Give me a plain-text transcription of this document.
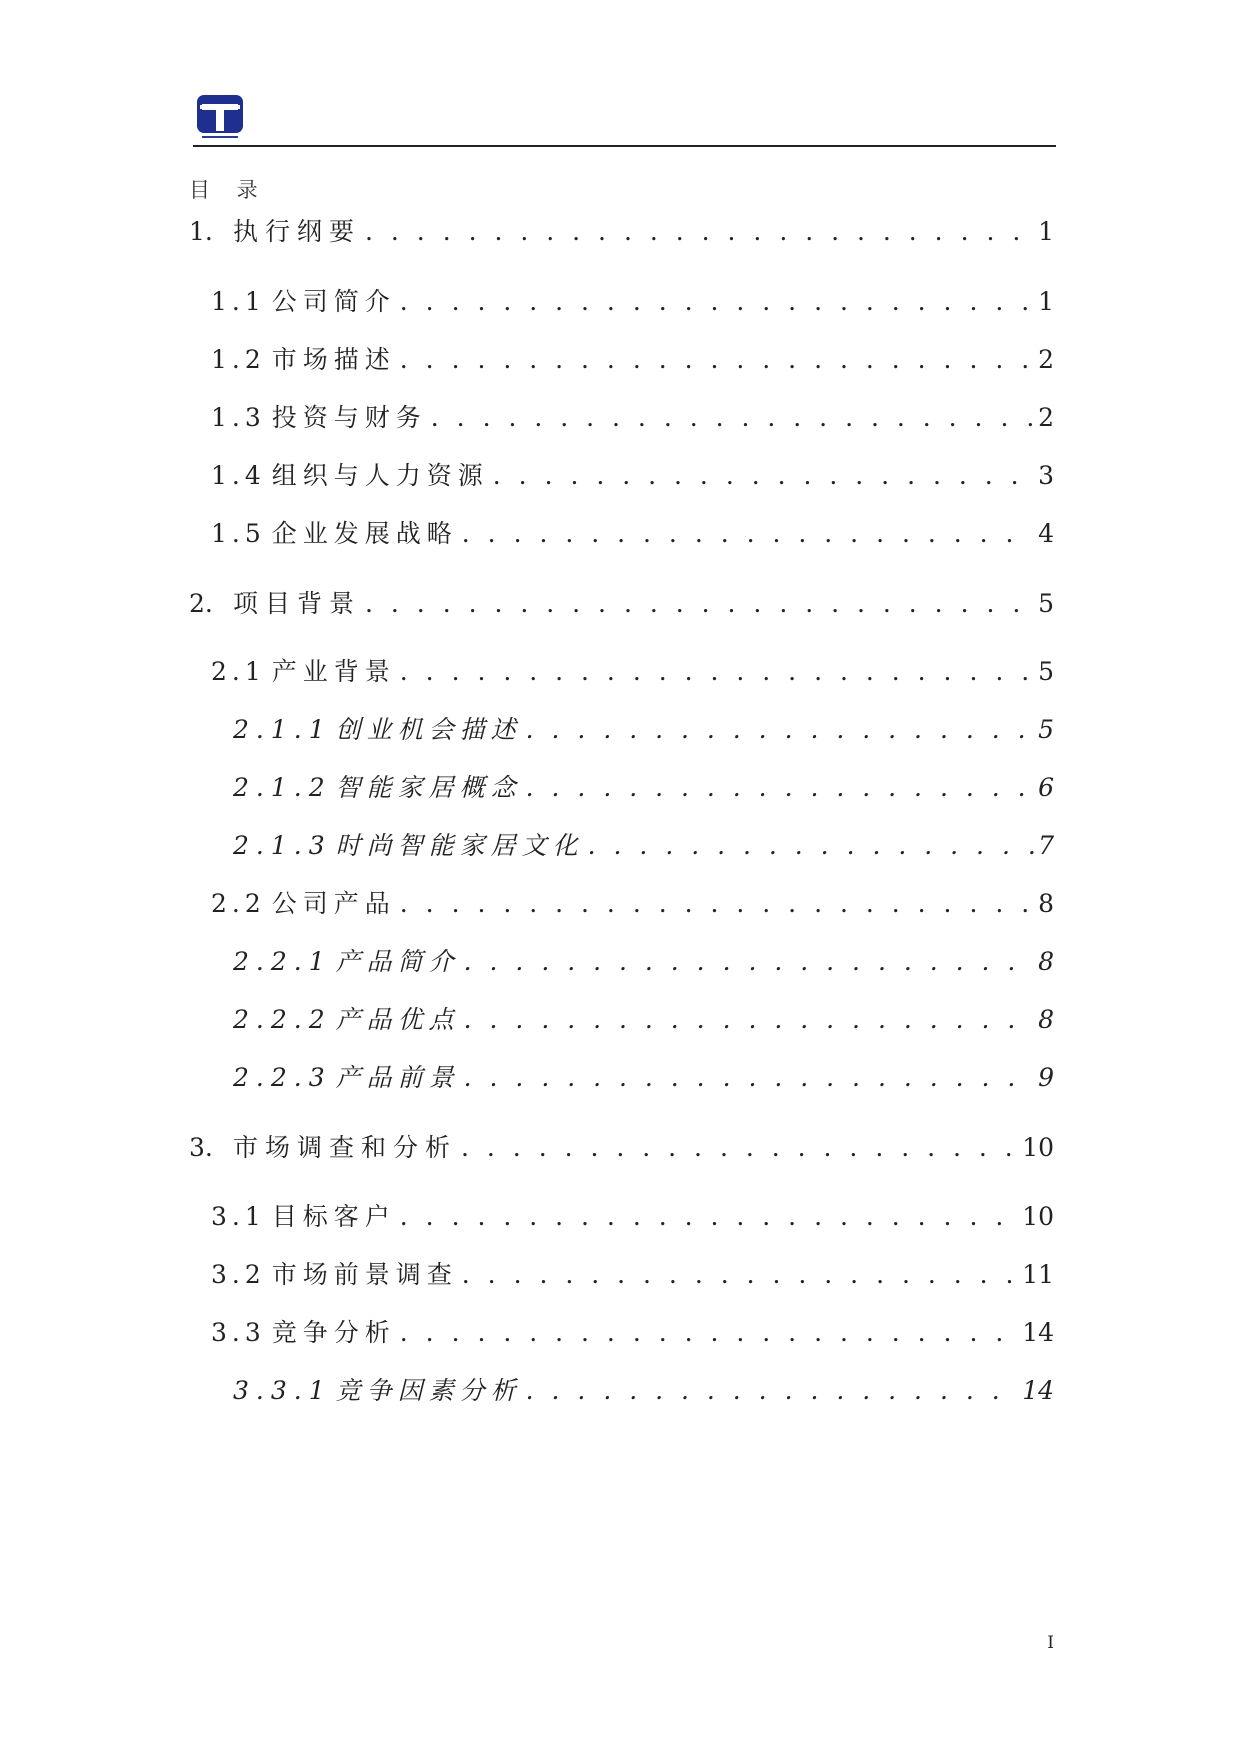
目 录
1. 执行纲要 . . .	1
1.1 公司简介 . . .	1
1.2 市场描述 . . .	2
1.3 投资与财务 . . .	2
1.4 组织与人力资源 . . .	3
1.5 企业发展战略 . . .	4
2. 项目背景 . . .	5
2.1 产业背景 . . .	5
2.1.1 创业机会描述 . . .	5
2.1.2 智能家居概念 . . .	6
2.1.3 时尚智能家居文化 . . .	7
2.2 公司产品 . . .	8
2.2.1 产品简介 . . .	8
2.2.2 产品优点 . . .	8
2.2.3 产品前景 . . .	9
3. 市场调查和分析 . . .	10
3.1 目标客户 . . .	10
3.2 市场前景调查 . . .	11
3.3 竞争分析 . . .	14
3.3.1 竞争因素分析 . . .	14
I
